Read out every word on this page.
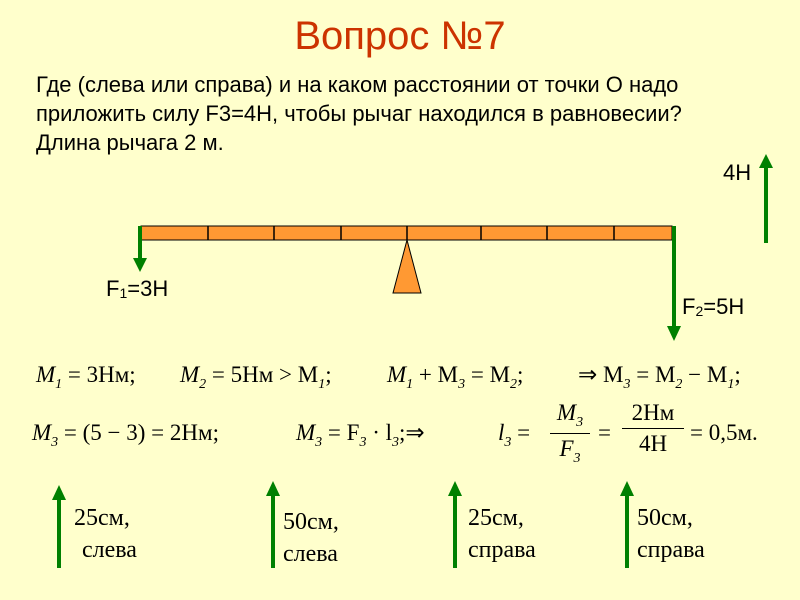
Вопрос №7
Где (слева или справа) и на каком расстоянии от точки О надо
приложить силу F3=4Н, чтобы рычаг находился в равновесии?
Длина рычага 2 м.
4Н
$F_1=3Н$
$F_2=5Н$
$M_1 = 3Нм$; $M_2 = 5Нм > M_1$; $M_1 + M_3 = M_2$; ⇒ $M_3 = M_2 - M_1$;
$M_3 = (5 - 3) = 2Нм$;	$M_3 = F_3$ · $l_3;\Rightarrow$	$l_3 = \frac{M_3}{F_3}$ =
2Нм
4Н = 0,5м.
25см,
слева
50см,
слева
25см,
справа
50см,
справа
